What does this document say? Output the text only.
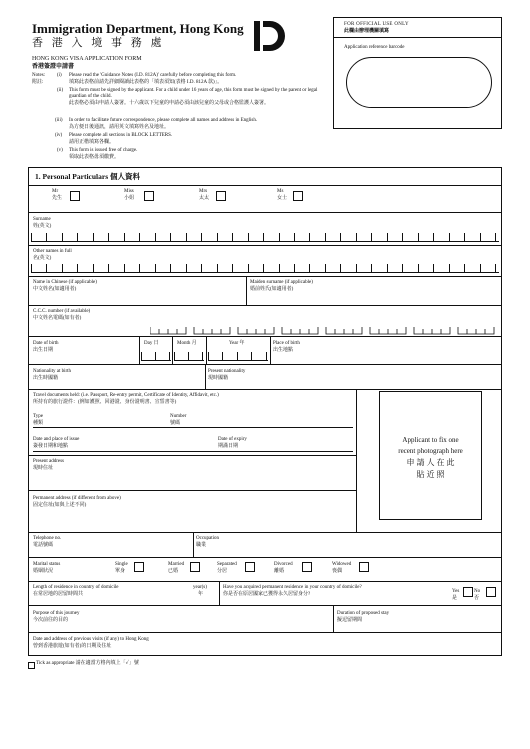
Immigration Department, Hong Kong
香 港 入 境 事 務 處
HONG KONG VISA APPLICATION FORM
香港簽證申請書
FOR OFFICIAL USE ONLY
此欄由辦理機關填寫
Application reference barcode
Notes:
附註:
(i) Please read the 'Guidance Notes (I.D. 812A)' carefully before completing this form.
填寫此表格前請先詳細閱讀此表格的「填表須知(表格 I.D. 812A 款)」。
(ii) This form must be signed by the applicant. For a child under 16 years of age, this form must be signed by the parent or legal guardian of the child.
此表格必須由申請人簽署。十六歲以下兒童的申請必須由該兒童的父母或合格監護人簽署。
(iii) In order to facilitate future correspondence, please complete all names and address in English.
為方便日後通訊，請用英文填寫姓名及地址。
(iv) Please complete all sections in BLOCK LETTERS.
請用正楷填寫各欄。
(v) This form is issued free of charge.
領取此表格毋須繳費。
1. Personal Particulars 個人資料
Mr
先生
Miss
小姐
Mrs
太太
Ms
女士
Surname
姓(英文)
Other names in full
名(英文)
Name in Chinese (if applicable)
中文姓名(如適用者)
Maiden surname (if applicable)
婚前姓氏(如適用者)
C.C.C. number (if available)
中文姓名電碼(如有者)
Date of birth
出生日期
Day 日	Month 月	Year 年	Place of birth
出生地點
Nationality at birth
出生時國籍
Present nationality
現時國籍
Travel documents held: (i.e. Passport, Re-entry permit, Certificate of Identity, Affidavit, etc.)
所持有的旅行證件：(例如護照、回港證、身份證明書、宣誓書等)
Type
種類
Number
號碼
Date and place of issue
簽發日期和地點
Date of expiry
期滿日期
Present address
現時住址
Permanent address (if different from above)
固定住址(如與上述不同)
Applicant to fix one
recent photograph here
申 請 人 在 此
貼 近 照
Telephone no.
電話號碼
Occupation
職業
Marital status
婚姻狀況
Single
單身
Married
已婚
Separated
分居
Divorced
離婚
Widowed
喪偶
Length of residence in country of domicile
在常居地的居留時間共
year(s)
年
Have you acquired permanent residence in your country of domicile?
你是否在原居國家已獲得永久居留身分?
Yes
是
No
否
Purpose of this journey
今次前往的目的
Duration of proposed stay
擬逗留期間
Date and address of previous visits (if any) to Hong Kong
曾到香港旅遊(如有者)的日期及住址
Tick as appropriate 請在適當方格內填上「✓」號
